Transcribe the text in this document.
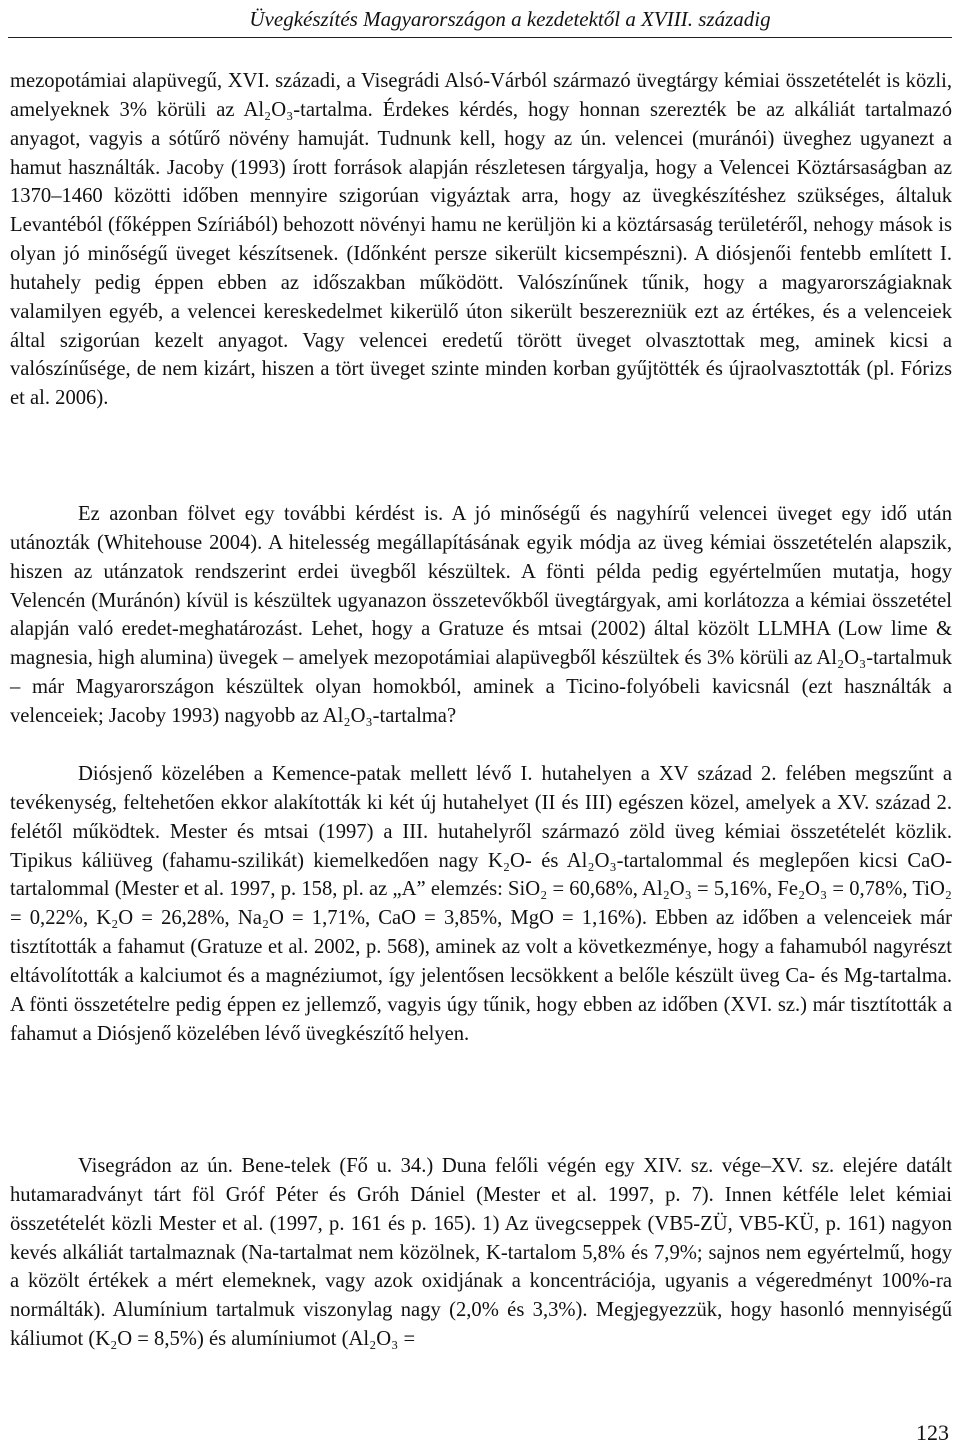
Üvegkészítés Magyarországon a kezdetektől a XVIII. századig

mezopotámiai alapüvegű, XVI. századi, a Visegrádi Alsó-Várból származó üvegtárgy kémiai összetételét is közli, amelyeknek 3% körüli az Al₂O₃-tartalma. Érdekes kérdés, hogy honnan szerezték be az alkáliát tartalmazó anyagot, vagyis a sótűrő növény hamuját. Tudnunk kell, hogy az ún. velencei (muránói) üveghez ugyanezt a hamut használták. Jacoby (1993) írott források alapján részletesen tárgyalja, hogy a Velencei Köztársaságban az 1370–1460 közötti időben mennyire szigorúan vigyáztak arra, hogy az üvegkészítéshez szükséges, általuk Levantéból (főképpen Szíriából) behozott növényi hamu ne kerüljön ki a köztársaság területéről, nehogy mások is olyan jó minőségű üveget készítsenek. (Időnként persze sikerült kicsempészni). A diósjenői fentebb említett I. hutahely pedig éppen ebben az időszakban működött. Valószínűnek tűnik, hogy a magyarországiaknak valamilyen egyéb, a velencei kereskedelmet kikerülő úton sikerült beszerezniük ezt az értékes, és a velenceiek által szigorúan kezelt anyagot. Vagy velencei eredetű törött üveget olvasztottak meg, aminek kicsi a valószínűsége, de nem kizárt, hiszen a tört üveget szinte minden korban gyűjtötték és újraolvasztották (pl. Fórizs et al. 2006).

Ez azonban fölvet egy további kérdést is. A jó minőségű és nagyhírű velencei üveget egy idő után utánozták (Whitehouse 2004). A hitelesség megállapításának egyik módja az üveg kémiai összetételén alapszik, hiszen az utánzatok rendszerint erdei üvegből készültek. A fönti példa pedig egyértelműen mutatja, hogy Velencén (Muránón) kívül is készültek ugyanazon összetevőkből üvegtárgyak, ami korlátozza a kémiai összetétel alapján való eredet-meghatározást. Lehet, hogy a Gratuze és mtsai (2002) által közölt LLMHA (Low lime & magnesia, high alumina) üvegek – amelyek mezopotámiai alapüvegből készültek és 3% körüli az Al₂O₃-tartalmuk – már Magyarországon készültek olyan homokból, aminek a Ticino-folyóbeli kavicsnál (ezt használták a velenceiek; Jacoby 1993) nagyobb az Al₂O₃-tartalma?

Diósjenő közelében a Kemence-patak mellett lévő I. hutahelyen a XV század 2. felében megszűnt a tevékenység, feltehetően ekkor alakították ki két új hutahelyet (II és III) egészen közel, amelyek a XV. század 2. felétől működtek. Mester és mtsai (1997) a III. hutahelyről származó zöld üveg kémiai összetételét közlik. Tipikus káliüveg (fahamu-szilikát) kiemelkedően nagy K₂O- és Al₂O₃-tartalommal és meglepően kicsi CaO-tartalommal (Mester et al. 1997, p. 158, pl. az „A” elemzés: SiO₂ = 60,68%, Al₂O₃ = 5,16%, Fe₂O₃ = 0,78%, TiO₂ = 0,22%, K₂O = 26,28%, Na₂O = 1,71%, CaO = 3,85%, MgO = 1,16%). Ebben az időben a velenceiek már tisztították a fahamut (Gratuze et al. 2002, p. 568), aminek az volt a következménye, hogy a fahamuból nagyrészt eltávolították a kalciumot és a magnéziumot, így jelentősen lecsökkent a belőle készült üveg Ca- és Mg-tartalma. A fönti összetételre pedig éppen ez jellemző, vagyis úgy tűnik, hogy ebben az időben (XVI. sz.) már tisztították a fahamut a Diósjenő közelében lévő üvegkészítő helyen.

Visegrádon az ún. Bene-telek (Fő u. 34.) Duna felőli végén egy XIV. sz. vége–XV. sz. elejére datált hutamaradványt tárt föl Gróf Péter és Gróh Dániel (Mester et al. 1997, p. 7). Innen kétféle lelet kémiai összetételét közli Mester et al. (1997, p. 161 és p. 165). 1) Az üvegcseppek (VB5-ZÜ, VB5-KÜ, p. 161) nagyon kevés alkáliát tartalmaznak (Na-tartalmat nem közölnek, K-tartalom 5,8% és 7,9%; sajnos nem egyértelmű, hogy a közölt értékek a mért elemeknek, vagy azok oxidjának a koncentrációja, ugyanis a végeredményt 100%-ra normálták). Alumínium tartalmuk viszonylag nagy (2,0% és 3,3%). Megjegyezzük, hogy hasonló mennyiségű káliumot (K₂O = 8,5%) és alumíniumot (Al₂O₃ =

123
